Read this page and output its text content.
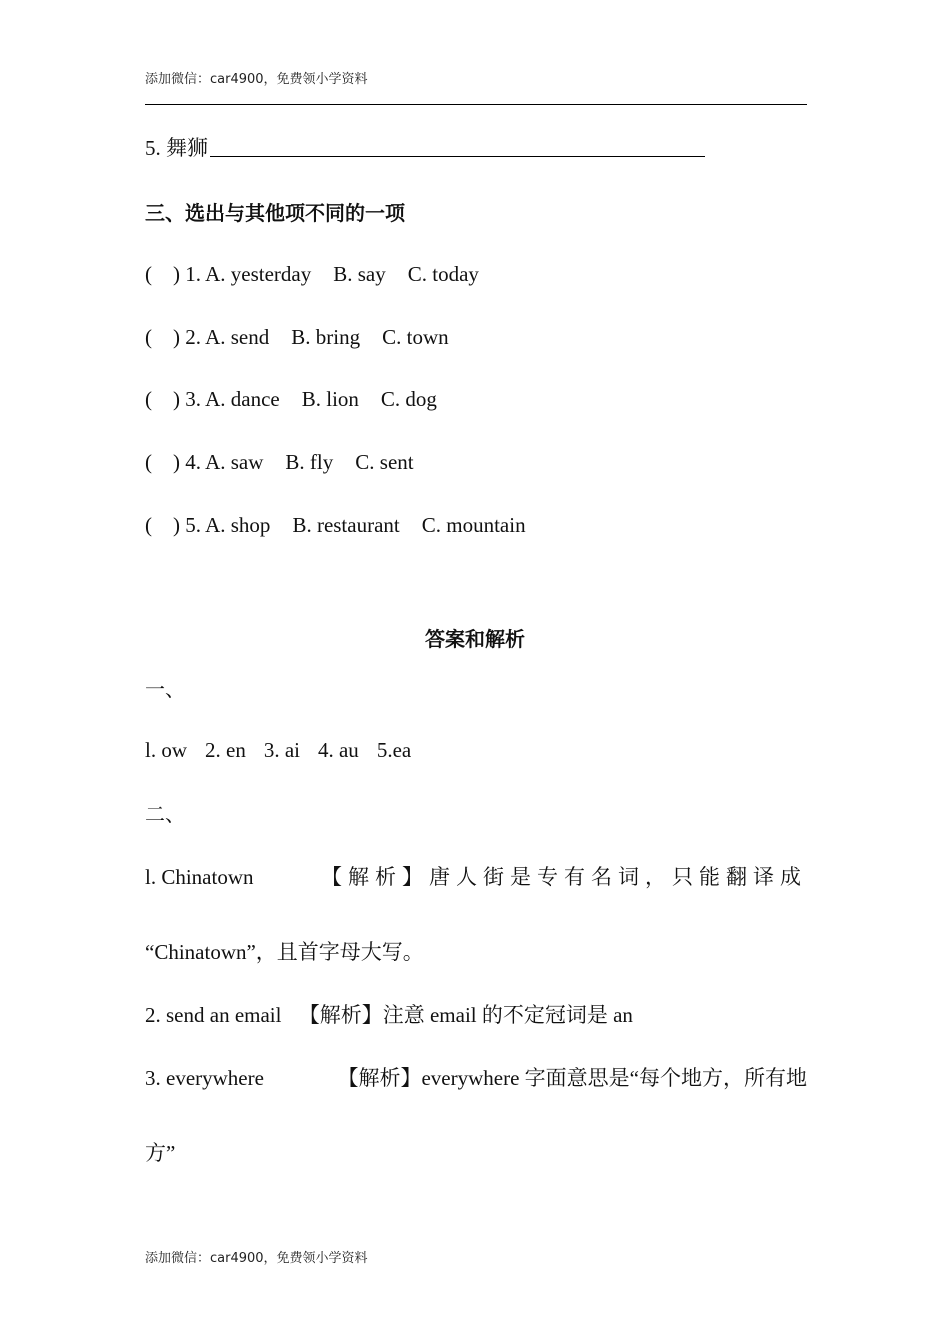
添加微信：car4900，免费领小学资料
5. 舞狮
三、选出与其他项不同的一项
( ) 1. A. yesterday B. say C. today
( ) 2. A. send B. bring C. town
( ) 3. A. dance B. lion C. dog
( ) 4. A. saw B. fly C. sent
( ) 5. A. shop B. restaurant C. mountain
答案和解析
一、
l. ow 2. en 3. ai 4. au 5.ea
二、
l. Chinatown	【解析】唐人街是专有名词，只能翻译成
“Chinatown”，且首字母大写。
2. send an email 【解析】注意 email 的不定冠词是 an
3. everywhere	【解析】everywhere 字面意思是“每个地方，所有地
方”
添加微信：car4900，免费领小学资料
